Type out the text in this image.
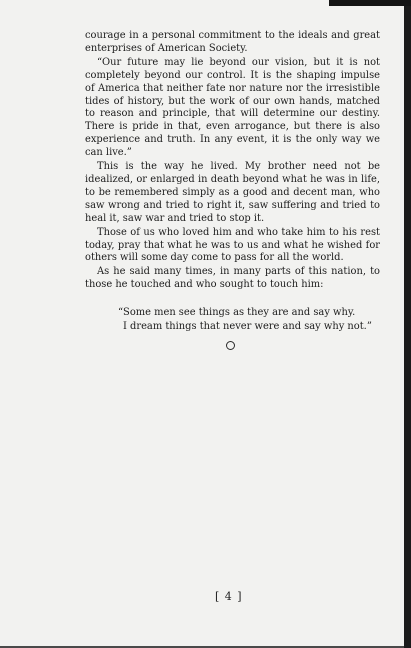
courage in a personal commitment to the ideals and great enterprises of American Society.

“Our future may lie beyond our vision, but it is not completely beyond our control. It is the shaping impulse of America that neither fate nor nature nor the irresistible tides of history, but the work of our own hands, matched to reason and principle, that will determine our destiny. There is pride in that, even arrogance, but there is also experience and truth. In any event, it is the only way we can live.”

This is the way he lived. My brother need not be idealized, or enlarged in death beyond what he was in life, to be remembered simply as a good and decent man, who saw wrong and tried to right it, saw suffering and tried to heal it, saw war and tried to stop it.

Those of us who loved him and who take him to his rest today, pray that what he was to us and what he wished for others will some day come to pass for all the world.

As he said many times, in many parts of this nation, to those he touched and who sought to touch him:

“Some men see things as they are and say why.
I dream things that never were and say why not.”
[ 4 ]
